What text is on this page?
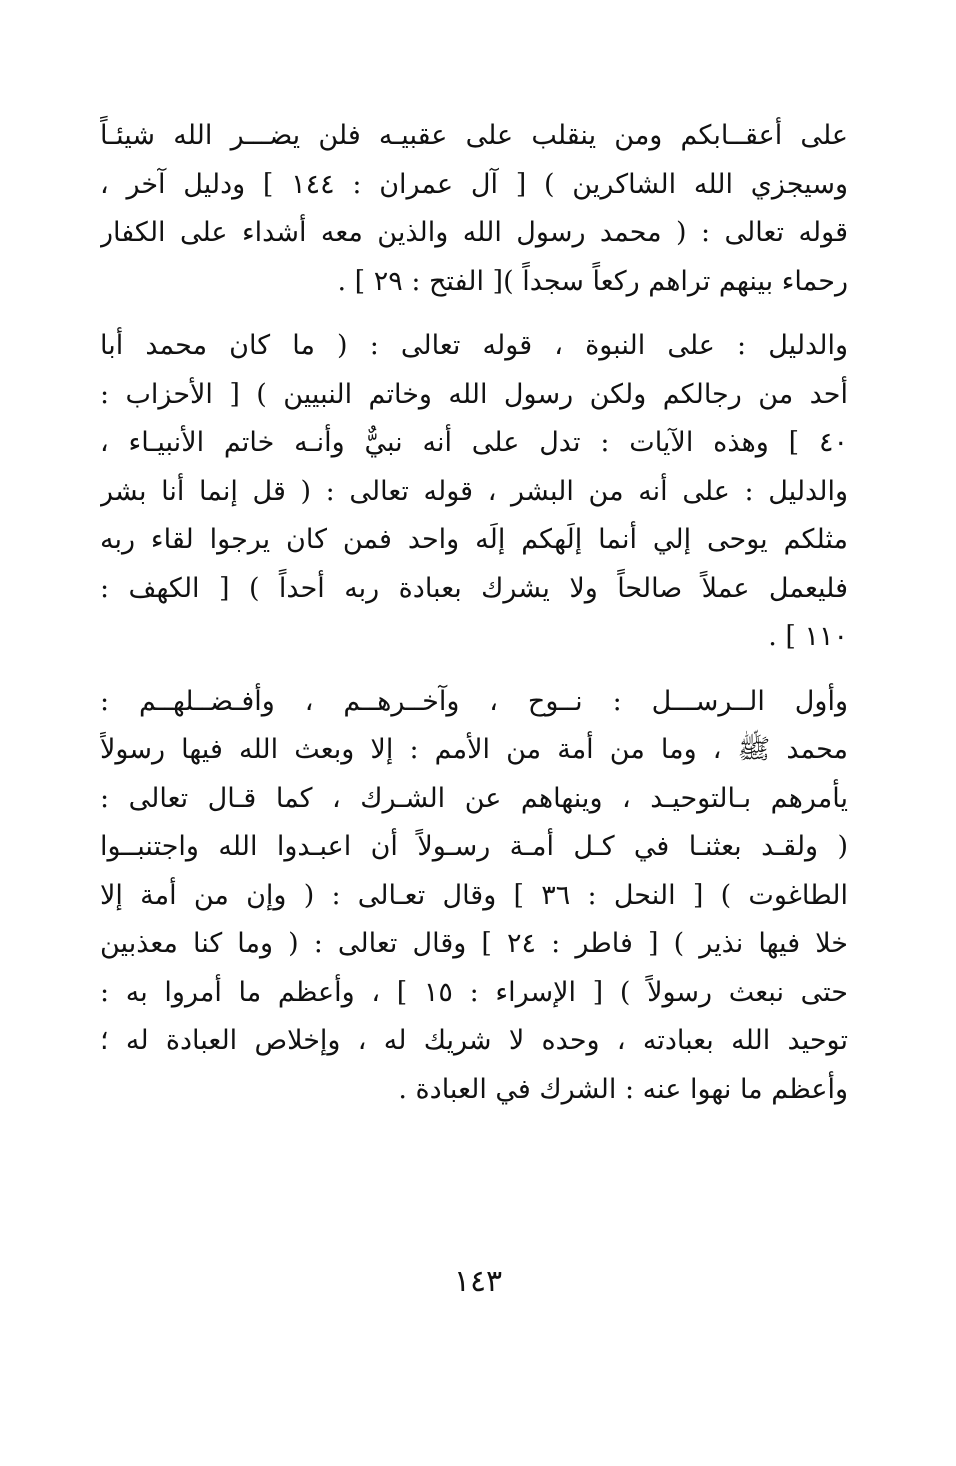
على أعقــابكم ومن ينقلب على عقبيـه فلن يضـــر الله شيئـاً
وسيجزي الله الشاكرين ) [ آل عمران : ١٤٤ ] ودليل آخر ،
قوله تعالى : ( محمد رسول الله والذين معه أشداء على الكفار
رحماء بينهم تراهم ركعاً سجداً )[ الفتح : ٢٩ ] .
والدليل : على النبوة ، قوله تعالى : ( ما كان محمد أبا
أحد من رجالكم ولكن رسول الله وخاتم النبيين ) [ الأحزاب :
٤٠ ] وهذه الآيات : تدل على أنه نبيٌّ وأنـه خاتم الأنبيـاء ،
والدليل : على أنه من البشر ، قوله تعالى : ( قل إنما أنا بشر
مثلكم يوحى إلي أنما إلَهكم إلَه واحد فمن كان يرجوا لقاء ربه
فليعمل عملاً صالحاً ولا يشرك بعبادة ربه أحداً ) [ الكهف :
١١٠ ] .
وأول الــرســـل : نــوح ، وآخــرهــم ، وأفـضــلهــم :
محمد ﷺ ، وما من أمة من الأمم : إلا وبعث الله فيها رسولاً
يأمرهم بـالتوحيـد ، وينهاهم عن الشـرك ، كما قـال تعالى :
( ولقـد بعثنـا في كـل أمـة رسـولاً أن اعبـدوا الله واجتنبــوا
الطاغوت ) [ النحل : ٣٦ ] وقال تعـالى : ( وإن من أمة إلا
خلا فيها نذير ) [ فاطر : ٢٤ ] وقال تعالى : ( وما كنا معذبين
حتى نبعث رسولاً ) [ الإسراء : ١٥ ] ، وأعظم ما أمروا به :
توحيد الله بعبادته ، وحده لا شريك له ، وإخلاص العبادة له ؛
وأعظم ما نهوا عنه : الشرك في العبادة .
١٤٣
